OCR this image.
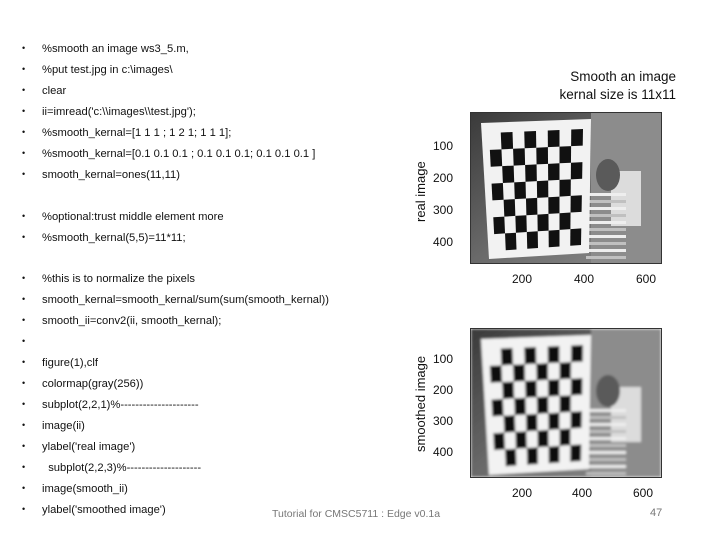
• %smooth an image ws3_5.m,
• %put test.jpg in c:\images\
• clear
• ii=imread('c:\\images\\test.jpg');
• %smooth_kernal=[1 1 1 ; 1 2 1; 1 1 1];
• %smooth_kernal=[0.1 0.1 0.1 ; 0.1 0.1 0.1; 0.1 0.1 0.1 ]
• smooth_kernal=ones(11,11)
• %optional:trust middle element more
• %smooth_kernal(5,5)=11*11;
• %this is to normalize the pixels
• smooth_kernal=smooth_kernal/sum(sum(smooth_kernal))
• smooth_ii=conv2(ii, smooth_kernal);
•
• figure(1),clf
• colormap(gray(256))
• subplot(2,2,1)%---------------------
• image(ii)
• ylabel('real image')
•  subplot(2,2,3)%--------------------
• image(smooth_ii)
• ylabel('smoothed image')
Smooth an image
kernal size is 11x11
real image
100
200
300
400
200	400	600
smoothed image 100
200
300
400
200	400	600
Tutorial for CMSC5711 : Edge v0.1a	47
